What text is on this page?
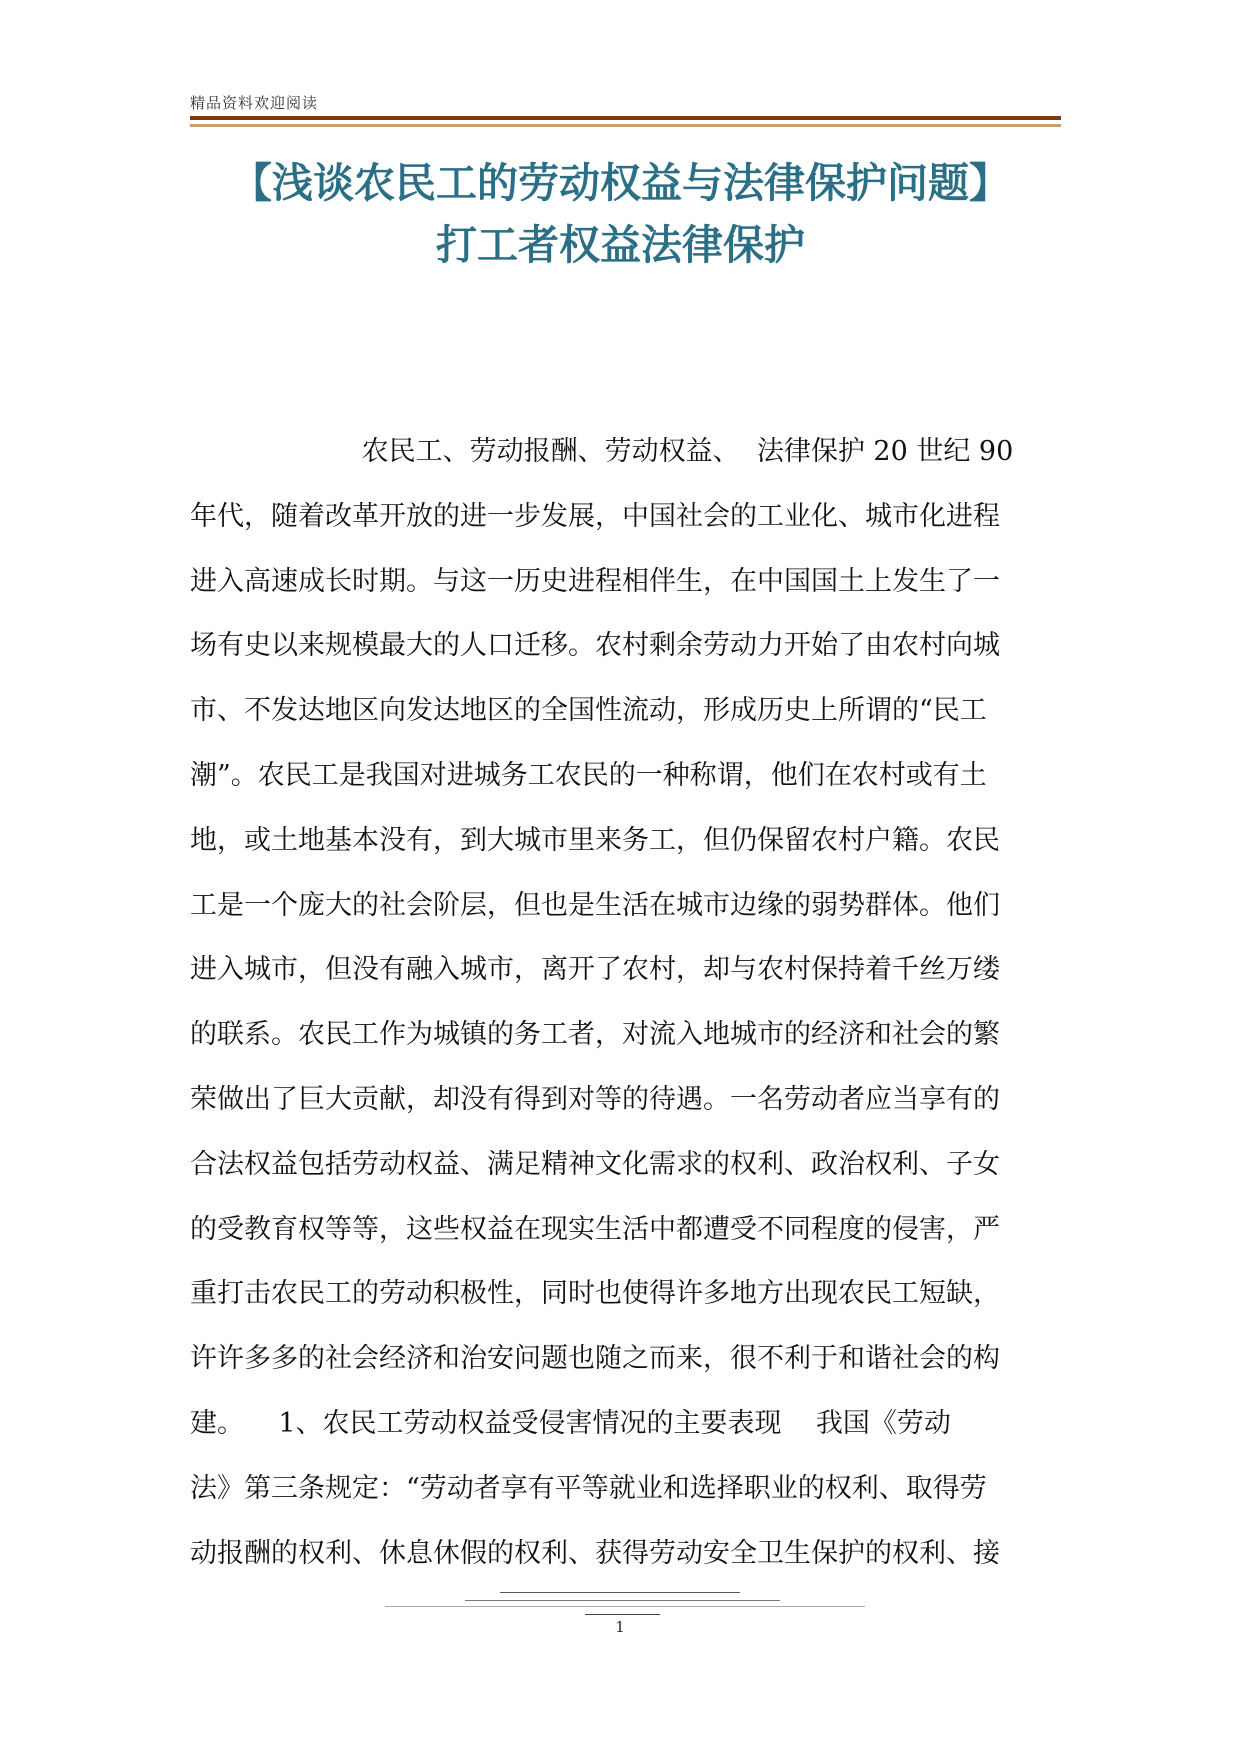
精品资料欢迎阅读
【浅谈农民工的劳动权益与法律保护问题】
打工者权益法律保护
农民工、劳动报酬、劳动权益、  法律保护 20 世纪 90
年代，随着改革开放的进一步发展，中国社会的工业化、城市化进程
进入高速成长时期。与这一历史进程相伴生，在中国国土上发生了一
场有史以来规模最大的人口迁移。农村剩余劳动力开始了由农村向城
市、不发达地区向发达地区的全国性流动，形成历史上所谓的“民工
潮”。农民工是我国对进城务工农民的一种称谓，他们在农村或有土
地，或土地基本没有，到大城市里来务工，但仍保留农村户籍。农民
工是一个庞大的社会阶层，但也是生活在城市边缘的弱势群体。他们
进入城市，但没有融入城市，离开了农村，却与农村保持着千丝万缕
的联系。农民工作为城镇的务工者，对流入地城市的经济和社会的繁
荣做出了巨大贡献，却没有得到对等的待遇。一名劳动者应当享有的
合法权益包括劳动权益、满足精神文化需求的权利、政治权利、子女
的受教育权等等，这些权益在现实生活中都遭受不同程度的侵害，严
重打击农民工的劳动积极性，同时也使得许多地方出现农民工短缺，
许许多多的社会经济和治安问题也随之而来，很不利于和谐社会的构
建。    1、农民工劳动权益受侵害情况的主要表现    我国《劳动
法》第三条规定：“劳动者享有平等就业和选择职业的权利、取得劳
动报酬的权利、休息休假的权利、获得劳动安全卫生保护的权利、接
1
